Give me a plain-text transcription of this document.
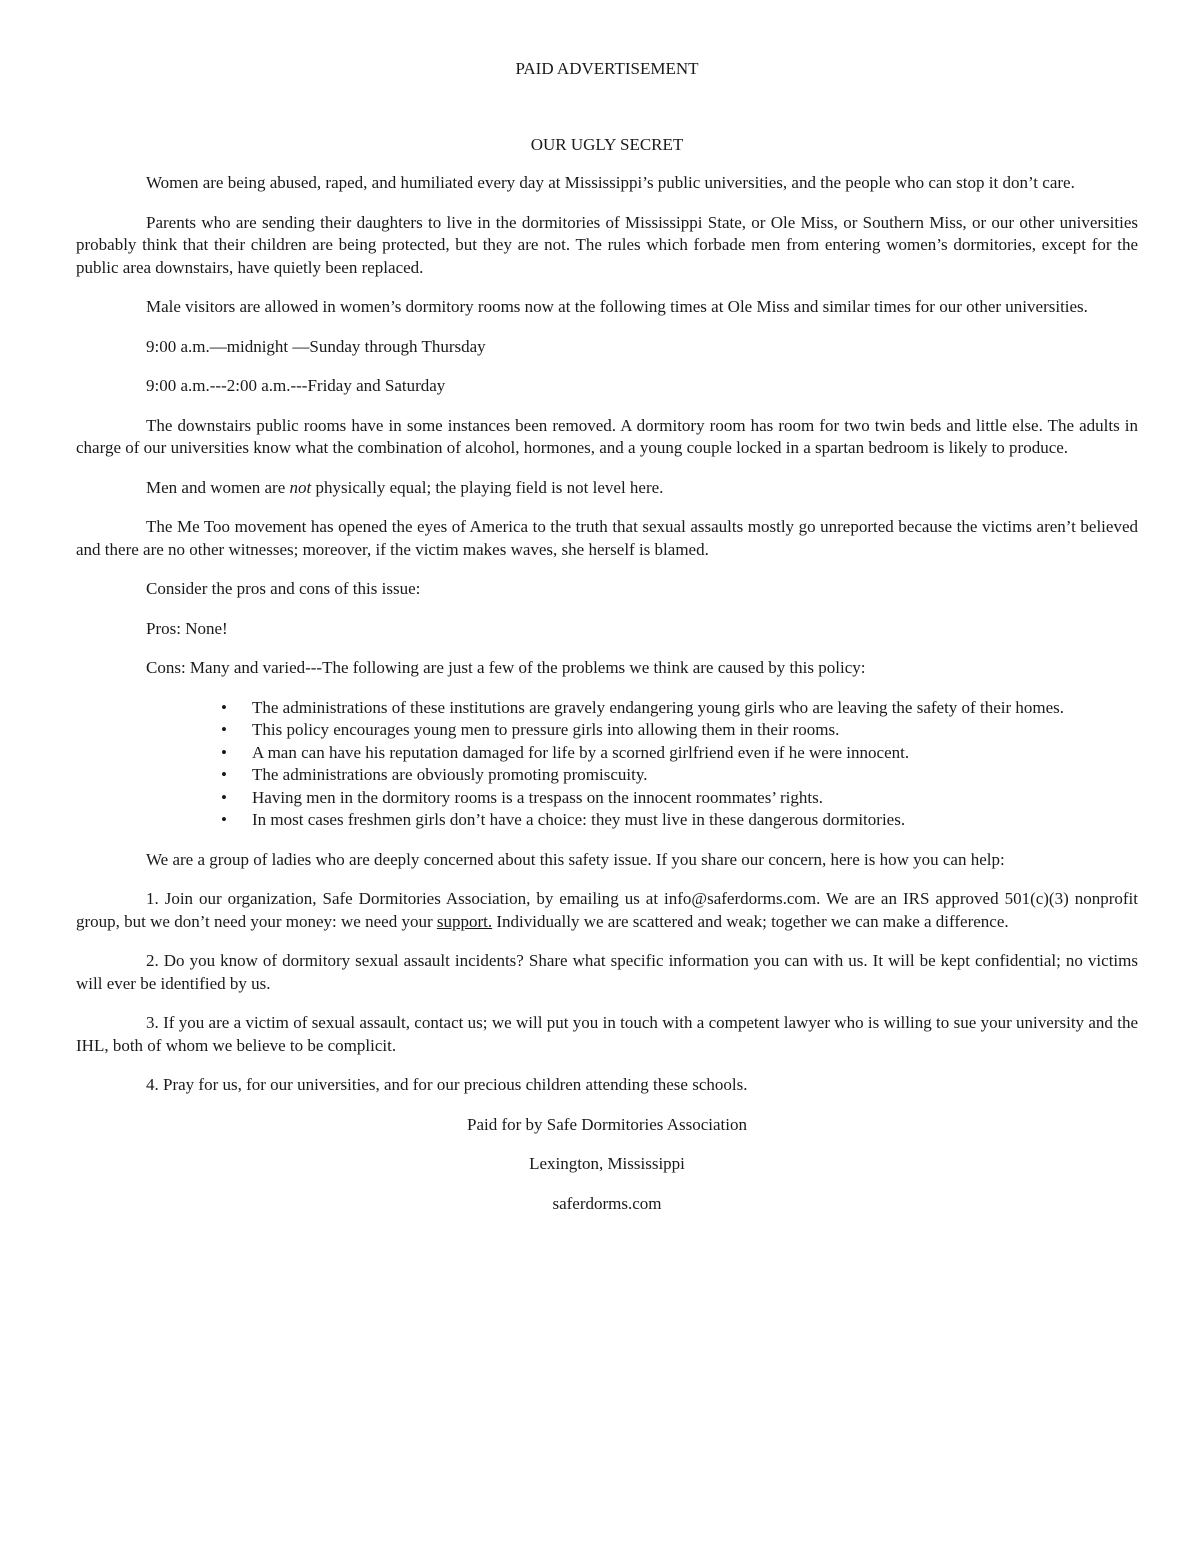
PAID ADVERTISEMENT
OUR UGLY SECRET

Women are being abused, raped, and humiliated every day at Mississippi’s public universities, and the people who can stop it don’t care.

Parents who are sending their daughters to live in the dormitories of Mississippi State, or Ole Miss, or Southern Miss, or our other universities probably think that their children are being protected, but they are not. The rules which forbade men from entering women’s dormitories, except for the public area downstairs, have quietly been replaced.

Male visitors are allowed in women’s dormitory rooms now at the following times at Ole Miss and similar times for our other universities.

9:00 a.m.—midnight —Sunday through Thursday

9:00 a.m.---2:00 a.m.---Friday and Saturday

The downstairs public rooms have in some instances been removed. A dormitory room has room for two twin beds and little else. The adults in charge of our universities know what the combination of alcohol, hormones, and a young couple locked in a spartan bedroom is likely to produce.

Men and women are not physically equal; the playing field is not level here.

The Me Too movement has opened the eyes of America to the truth that sexual assaults mostly go unreported because the victims aren’t believed and there are no other witnesses; moreover, if the victim makes waves, she herself is blamed.

Consider the pros and cons of this issue:

Pros: None!

Cons: Many and varied---The following are just a few of the problems we think are caused by this policy:

• The administrations of these institutions are gravely endangering young girls who are leaving the safety of their homes.
• This policy encourages young men to pressure girls into allowing them in their rooms.
• A man can have his reputation damaged for life by a scorned girlfriend even if he were innocent.
• The administrations are obviously promoting promiscuity.
• Having men in the dormitory rooms is a trespass on the innocent roommates’ rights.
• In most cases freshmen girls don’t have a choice: they must live in these dangerous dormitories.

We are a group of ladies who are deeply concerned about this safety issue. If you share our concern, here is how you can help:

1. Join our organization, Safe Dormitories Association, by emailing us at info@saferdorms.com. We are an IRS approved 501(c)(3) nonprofit group, but we don’t need your money: we need your support. Individually we are scattered and weak; together we can make a difference.

2. Do you know of dormitory sexual assault incidents? Share what specific information you can with us. It will be kept confidential; no victims will ever be identified by us.

3. If you are a victim of sexual assault, contact us; we will put you in touch with a competent lawyer who is willing to sue your university and the IHL, both of whom we believe to be complicit.

4. Pray for us, for our universities, and for our precious children attending these schools.

Paid for by Safe Dormitories Association
Lexington, Mississippi
saferdorms.com
